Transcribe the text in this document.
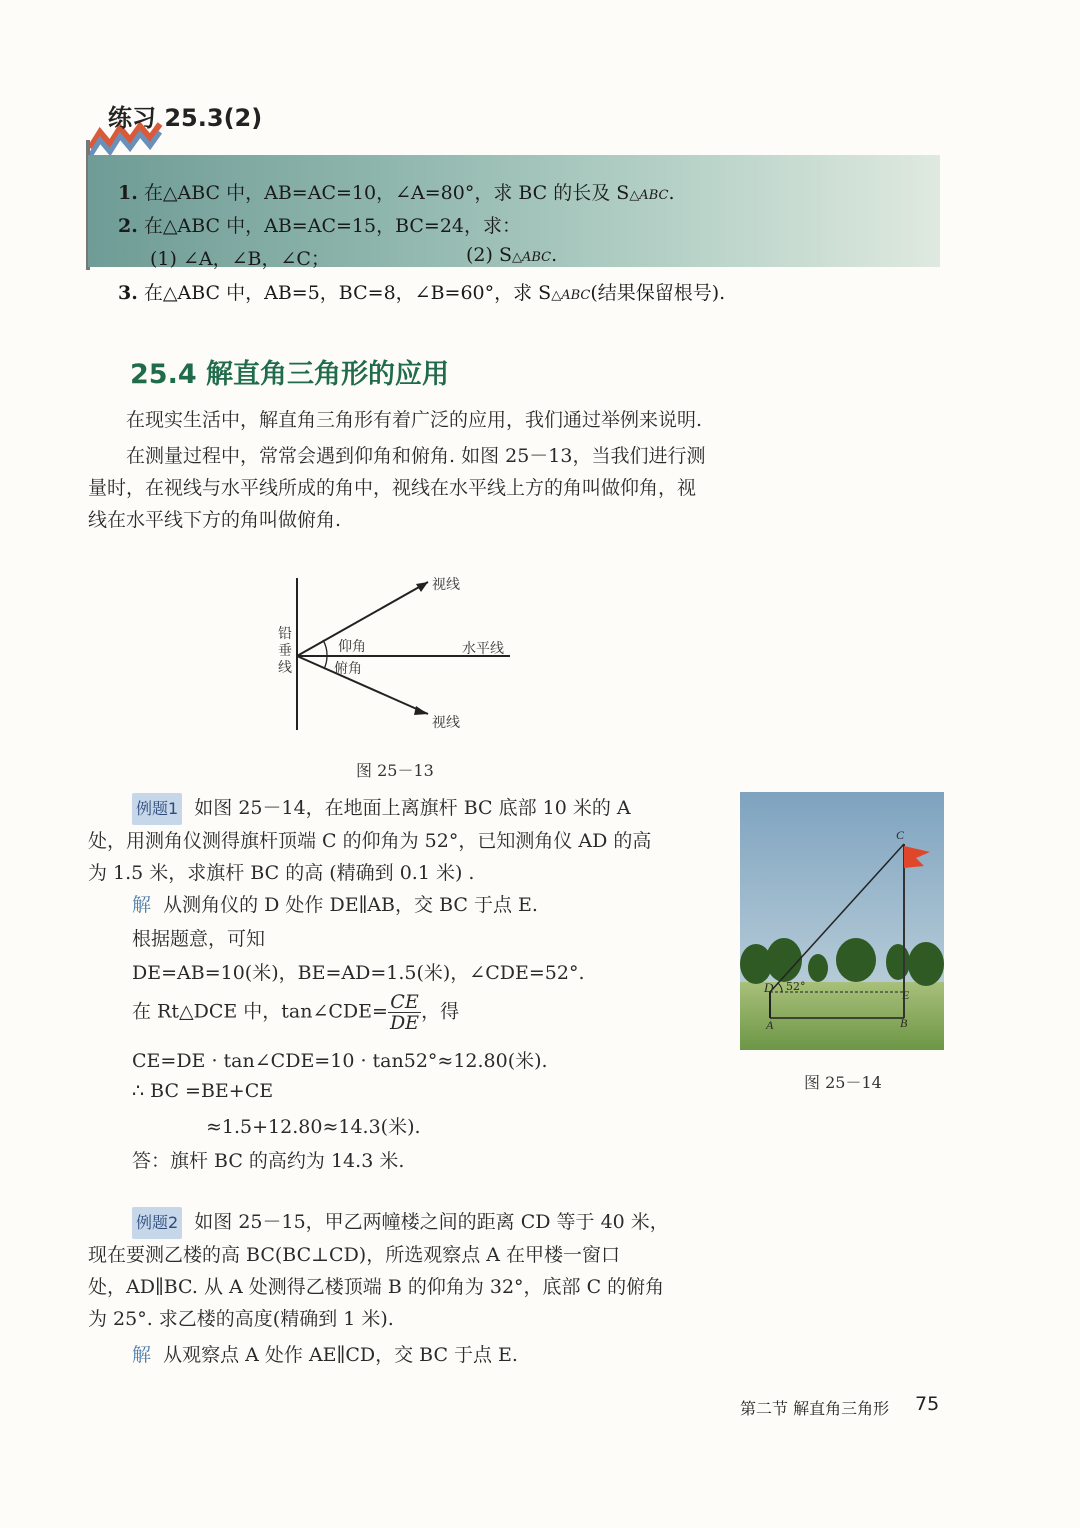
练习 25.3(2)
1. 在△ABC 中，AB=AC=10，∠A=80°，求 BC 的长及 S△ABC.
2. 在△ABC 中，AB=AC=15，BC=24，求：
(1) ∠A，∠B，∠C；	(2) S△ABC.
3. 在△ABC 中，AB=5，BC=8，∠B=60°，求 S△ABC(结果保留根号).
25.4 解直角三角形的应用

在现实生活中，解直角三角形有着广泛的应用，我们通过举例来说明.

在测量过程中，常常会遇到仰角和俯角. 如图 25－13，当我们进行测量时，在视线与水平线所成的角中，视线在水平线上方的角叫做仰角，视线在水平线下方的角叫做俯角.

铅
垂
线
视线
视线
仰角
俯角
水平线
图 25－13

例题1 如图 25－14，在地面上离旗杆 BC 底部 10 米的 A

处，用测角仪测得旗杆顶端 C 的仰角为 52°，已知测角仪 AD 的高

为 1.5 米，求旗杆 BC 的高 (精确到 0.1 米) .

解 从测角仪的 D 处作 DE∥AB，交 BC 于点 E.
根据题意，可知
DE=AB=10(米)，BE=AD=1.5(米)，∠CDE=52°.
在 Rt△DCE 中，tan∠CDE= $\frac{CE}{DE}$ ，得
CE=DE · tan∠CDE=10 · tan52°≈12.80(米).
∴ BC =BE+CE
≈1.5+12.80≈14.3(米).
答：旗杆 BC 的高约为 14.3 米.
C
D 52°
A
E
B
图 25－14

例题2 如图 25－15，甲乙两幢楼之间的距离 CD 等于 40 米，

现在要测乙楼的高 BC(BC⊥CD)，所选观察点 A 在甲楼一窗口

处，AD∥BC. 从 A 处测得乙楼顶端 B 的仰角为 32°，底部 C 的俯角

为 25°. 求乙楼的高度(精确到 1 米).

解 从观察点 A 处作 AE∥CD，交 BC 于点 E.
第二节 解直角三角形 75
